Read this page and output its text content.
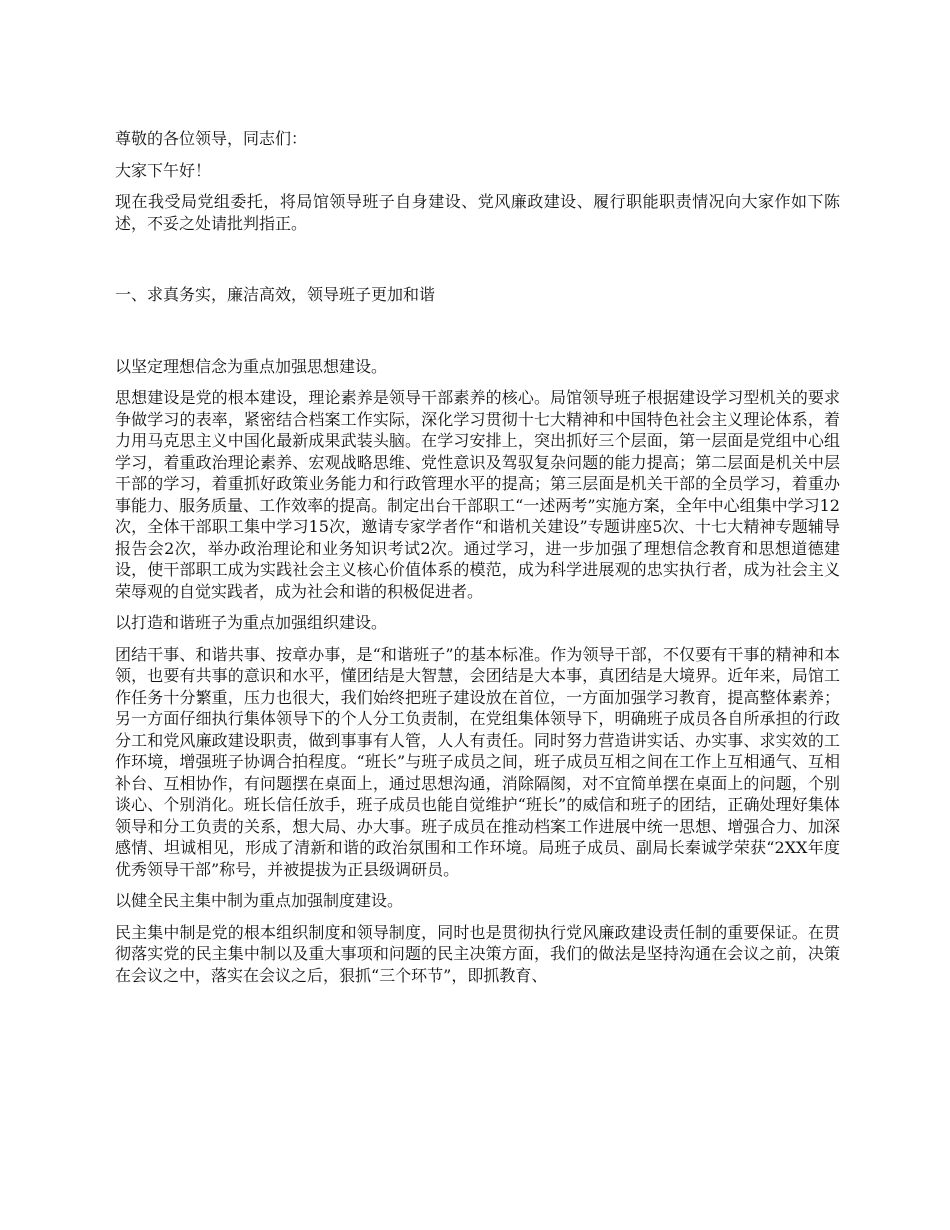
尊敬的各位领导，同志们：

大家下午好！

现在我受局党组委托，将局馆领导班子自身建设、党风廉政建设、履行职能职责情况向大家作如下陈述，不妥之处请批判指正。

一、求真务实，廉洁高效，领导班子更加和谐

以坚定理想信念为重点加强思想建设。

思想建设是党的根本建设，理论素养是领导干部素养的核心。局馆领导班子根据建设学习型机关的要求争做学习的表率，紧密结合档案工作实际，深化学习贯彻十七大精神和中国特色社会主义理论体系，着力用马克思主义中国化最新成果武装头脑。在学习安排上，突出抓好三个层面，第一层面是党组中心组学习，着重政治理论素养、宏观战略思维、党性意识及驾驭复杂问题的能力提高；第二层面是机关中层干部的学习，着重抓好政策业务能力和行政管理水平的提高；第三层面是机关干部的全员学习，着重办事能力、服务质量、工作效率的提高。制定出台干部职工“一述两考”实施方案，全年中心组集中学习12次，全体干部职工集中学习15次，邀请专家学者作“和谐机关建设”专题讲座5次、十七大精神专题辅导报告会2次，举办政治理论和业务知识考试2次。通过学习，进一步加强了理想信念教育和思想道德建设，使干部职工成为实践社会主义核心价值体系的模范，成为科学进展观的忠实执行者，成为社会主义荣辱观的自觉实践者，成为社会和谐的积极促进者。

以打造和谐班子为重点加强组织建设。

团结干事、和谐共事、按章办事，是“和谐班子”的基本标准。作为领导干部，不仅要有干事的精神和本领，也要有共事的意识和水平，懂团结是大智慧，会团结是大本事，真团结是大境界。近年来，局馆工作任务十分繁重，压力也很大，我们始终把班子建设放在首位，一方面加强学习教育，提高整体素养；另一方面仔细执行集体领导下的个人分工负责制，在党组集体领导下，明确班子成员各自所承担的行政分工和党风廉政建设职责，做到事事有人管，人人有责任。同时努力营造讲实话、办实事、求实效的工作环境，增强班子协调合拍程度。“班长”与班子成员之间，班子成员互相之间在工作上互相通气、互相补台、互相协作，有问题摆在桌面上，通过思想沟通，消除隔阂，对不宜简单摆在桌面上的问题，个别谈心、个别消化。班长信任放手，班子成员也能自觉维护“班长”的威信和班子的团结，正确处理好集体领导和分工负责的关系，想大局、办大事。班子成员在推动档案工作进展中统一思想、增强合力、加深感情、坦诚相见，形成了清新和谐的政治氛围和工作环境。局班子成员、副局长秦诚学荣获“2XX年度优秀领导干部”称号，并被提拔为正县级调研员。

以健全民主集中制为重点加强制度建设。

民主集中制是党的根本组织制度和领导制度，同时也是贯彻执行党风廉政建设责任制的重要保证。在贯彻落实党的民主集中制以及重大事项和问题的民主决策方面，我们的做法是坚持沟通在会议之前，决策在会议之中，落实在会议之后，狠抓“三个环节”，即抓教育、
